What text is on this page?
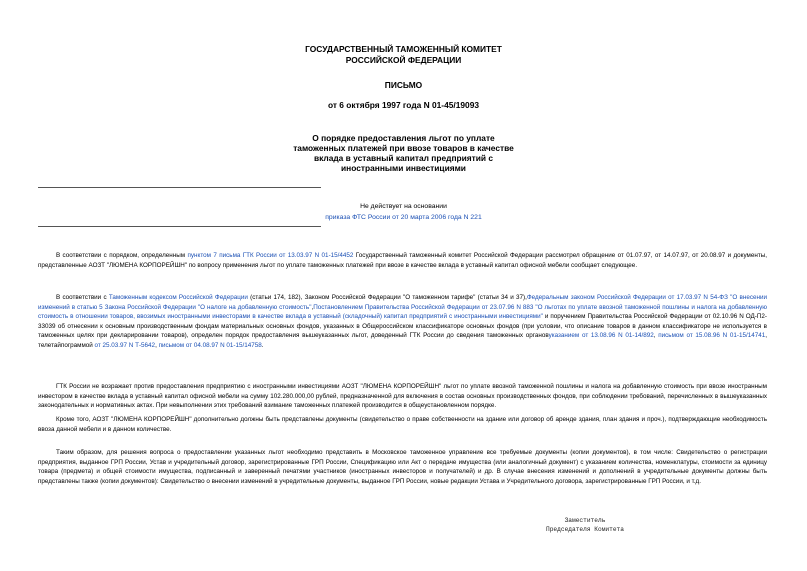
ГОСУДАРСТВЕННЫЙ ТАМОЖЕННЫЙ КОМИТЕТ
РОССИЙСКОЙ ФЕДЕРАЦИИ
ПИСЬМО
от 6 октября 1997 года N 01-45/19093
О порядке предоставления льгот по уплате
таможенных платежей при ввозе товаров в качестве
вклада в уставный капитал предприятий с
иностранными инвестициями
Не действует на основании
приказа ФТС России от 20 марта 2006 года N 221
В соответствии с порядком, определенным пунктом 7 письма ГТК России от 13.03.97 N 01-15/4452 Государственный таможенный комитет Российской Федерации рассмотрел обращение от 01.07.97, от 14.07.97, от 20.08.97 и документы, представленные АОЗТ "ЛЮМЕНА КОРПОРЕЙШН" по вопросу применения льгот по уплате таможенных платежей при ввозе в качестве вклада в уставный капитал офисной мебели сообщает следующее.
В соответствии с Таможенным кодексом Российской Федерации (статьи 174, 182), Законом Российской Федерации "О таможенном тарифе" (статьи 34 и 37),Федеральным законом Российской Федерации от 17.03.97 N 54-ФЗ "О внесении изменений в статью 5 Закона Российской Федерации "О налоге на добавленную стоимость",Постановлением Правительства Российской Федерации от 23.07.96 N 883 "О льготах по уплате ввозной таможенной пошлины и налога на добавленную стоимость в отношении товаров, ввозимых иностранными инвесторами в качестве вклада в уставный (складочный) капитал предприятий с иностранными инвестициями" и поручением Правительства Российской Федерации от 02.10.96 N ОД-П2-33039 об отнесении к основным производственным фондам материальных основных фондов, указанных в Общероссийском классификаторе основных фондов (при условии, что описание товаров в данном классификаторе не используется в таможенных целях при декларировании товаров), определен порядок предоставления вышеуказанных льгот, доведенный ГТК России до сведения таможенных органовуказанием от 13.08.96 N 01-14/892, письмом от 15.08.96 N 01-15/14741, телетайпограммой от 25.03.97 N Т-5642, письмом от 04.08.97 N 01-15/14758.
ГТК России не возражает против предоставления предприятию с иностранными инвестициями АОЗТ "ЛЮМЕНА КОРПОРЕЙШН" льгот по уплате ввозной таможенной пошлины и налога на добавленную стоимость при ввозе иностранным инвестором в качестве вклада в уставный капитал офисной мебели на сумму 102.280.000,00 рублей, предназначенной для включения в состав основных производственных фондов, при соблюдении требований, перечисленных в вышеуказанных законодательных и нормативных актах. При невыполнении этих требований взимание таможенных платежей производится в общеустановленном порядке.
Кроме того, АОЗТ "ЛЮМЕНА КОРПОРЕЙШН" дополнительно должны быть представлены документы (свидетельство о праве собственности на здание или договор об аренде здания, план здания и проч.), подтверждающие необходимость ввоза данной мебели и в данном количестве.
Таким образом, для решения вопроса о предоставлении указанных льгот необходимо представить в Московское таможенное управление все требуемые документы (копии документов), в том числе: Свидетельство о регистрации предприятия, выданное ГРП России, Устав и учредительный договор, зарегистрированные ГРП России, Спецификацию или Акт о передаче имущества (или аналогичный документ) с указанием количества, номенклатуры, стоимости за единицу товара (предмета) и общей стоимости имущества, подписанный и заверенный печатями участников (иностранных инвесторов и получателей) и др. В случае внесения изменений и дополнений в учредительные документы должны быть представлены также (копии документов): Свидетельство о внесении изменений в учредительные документы, выданное ГРП России, новые редакции Устава и Учредительного договора, зарегистрированные ГРП России, и т.д.
Заместитель
Председателя Комитета
